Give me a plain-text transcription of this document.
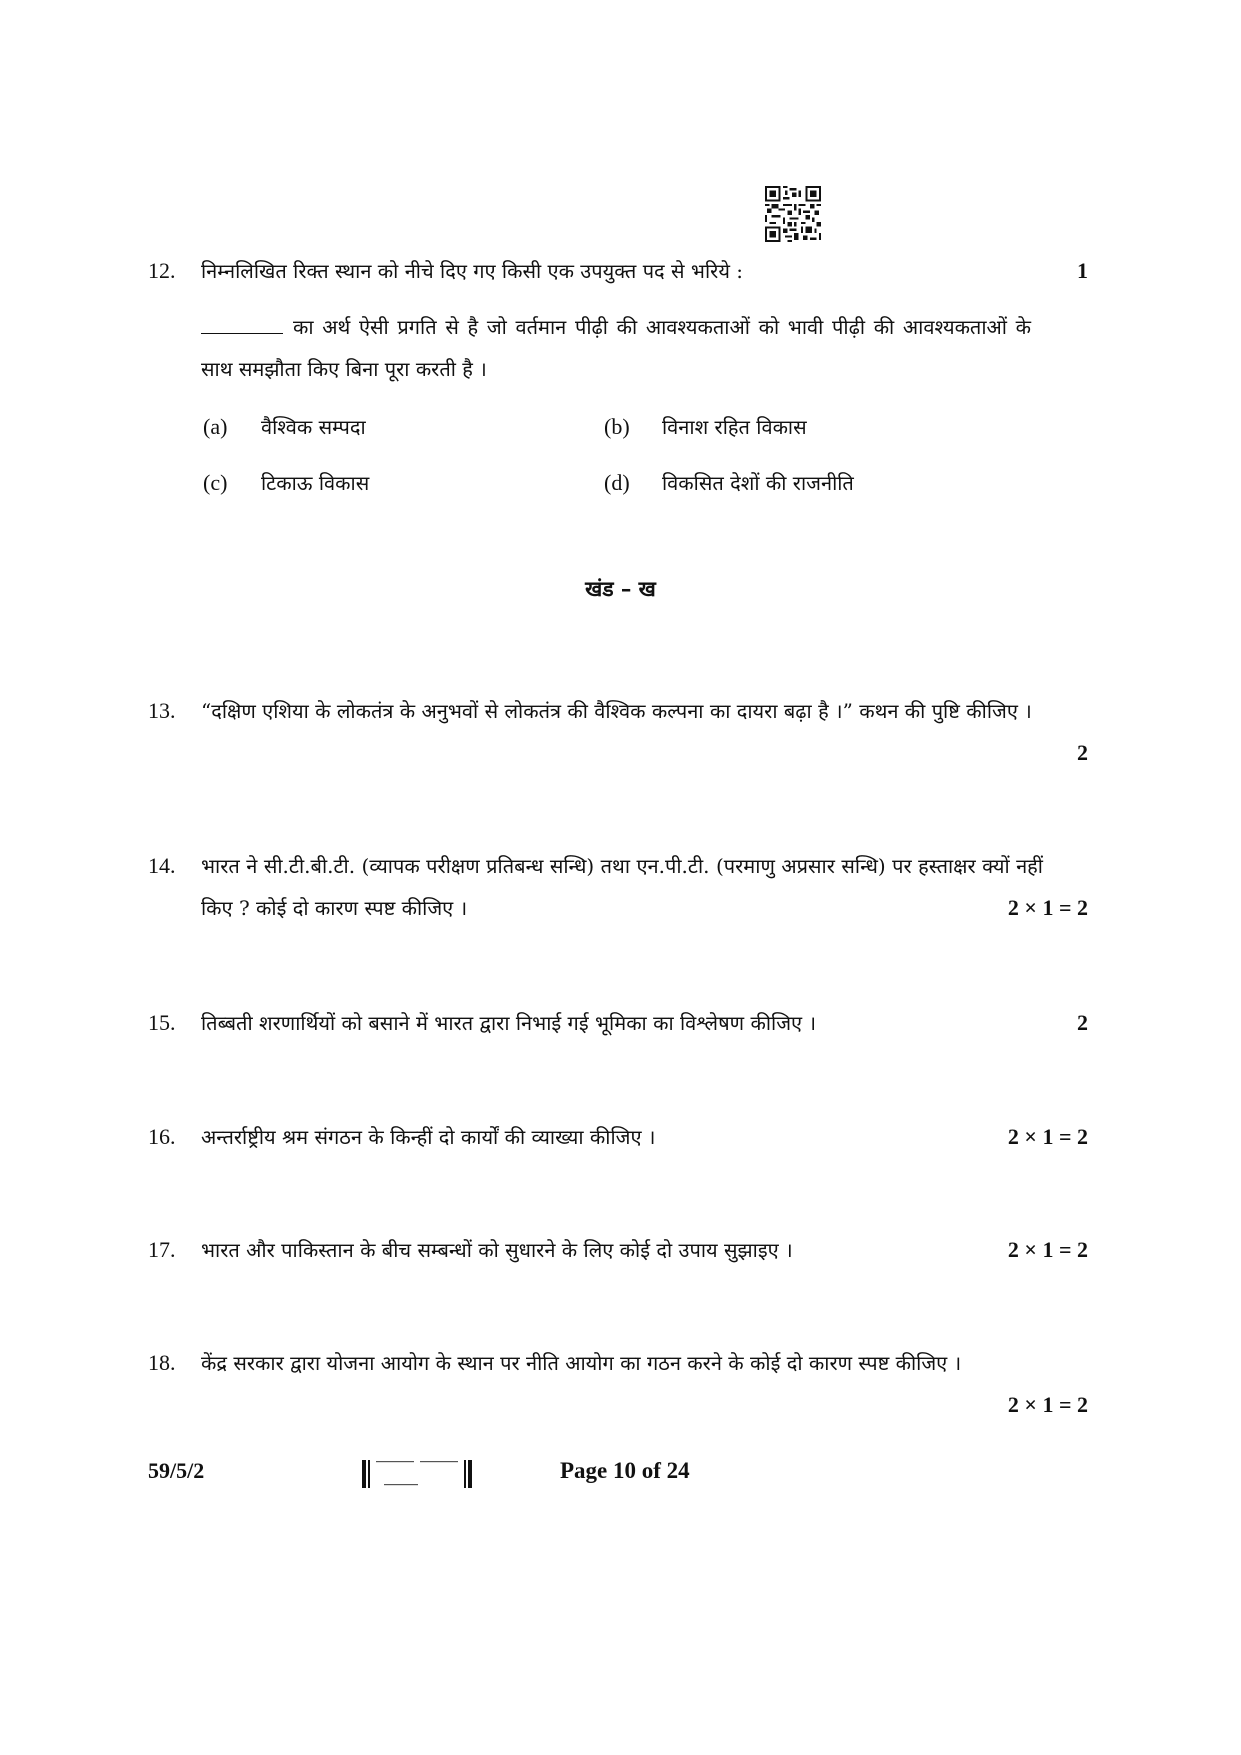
12. निम्नलिखित रिक्त स्थान को नीचे दिए गए किसी एक उपयुक्त पद से भरिये :	1
का अर्थ ऐसी प्रगति से है जो वर्तमान पीढ़ी की आवश्यकताओं को भावी पीढ़ी की आवश्यकताओं के साथ समझौता किए बिना पूरा करती है ।
(a) वैश्विक सम्पदा	(b) विनाश रहित विकास
(c) टिकाऊ विकास	(d) विकसित देशों की राजनीति
खंड – ख
13. “दक्षिण एशिया के लोकतंत्र के अनुभवों से लोकतंत्र की वैश्विक कल्पना का दायरा बढ़ा है ।” कथन की पुष्टि कीजिए ।
2
14. भारत ने सी.टी.बी.टी. (व्यापक परीक्षण प्रतिबन्ध सन्धि) तथा एन.पी.टी. (परमाणु अप्रसार सन्धि) पर हस्ताक्षर क्यों नहीं किए ? कोई दो कारण स्पष्ट कीजिए ।	2 × 1 = 2
15. तिब्बती शरणार्थियों को बसाने में भारत द्वारा निभाई गई भूमिका का विश्लेषण कीजिए ।	2
16. अन्तर्राष्ट्रीय श्रम संगठन के किन्हीं दो कार्यों की व्याख्या कीजिए ।	2 × 1 = 2
17. भारत और पाकिस्तान के बीच सम्बन्धों को सुधारने के लिए कोई दो उपाय सुझाइए ।	2 × 1 = 2
18. केंद्र सरकार द्वारा योजना आयोग के स्थान पर नीति आयोग का गठन करने के कोई दो कारण स्पष्ट कीजिए ।
2 × 1 = 2
59/5/2	Page 10 of 24
